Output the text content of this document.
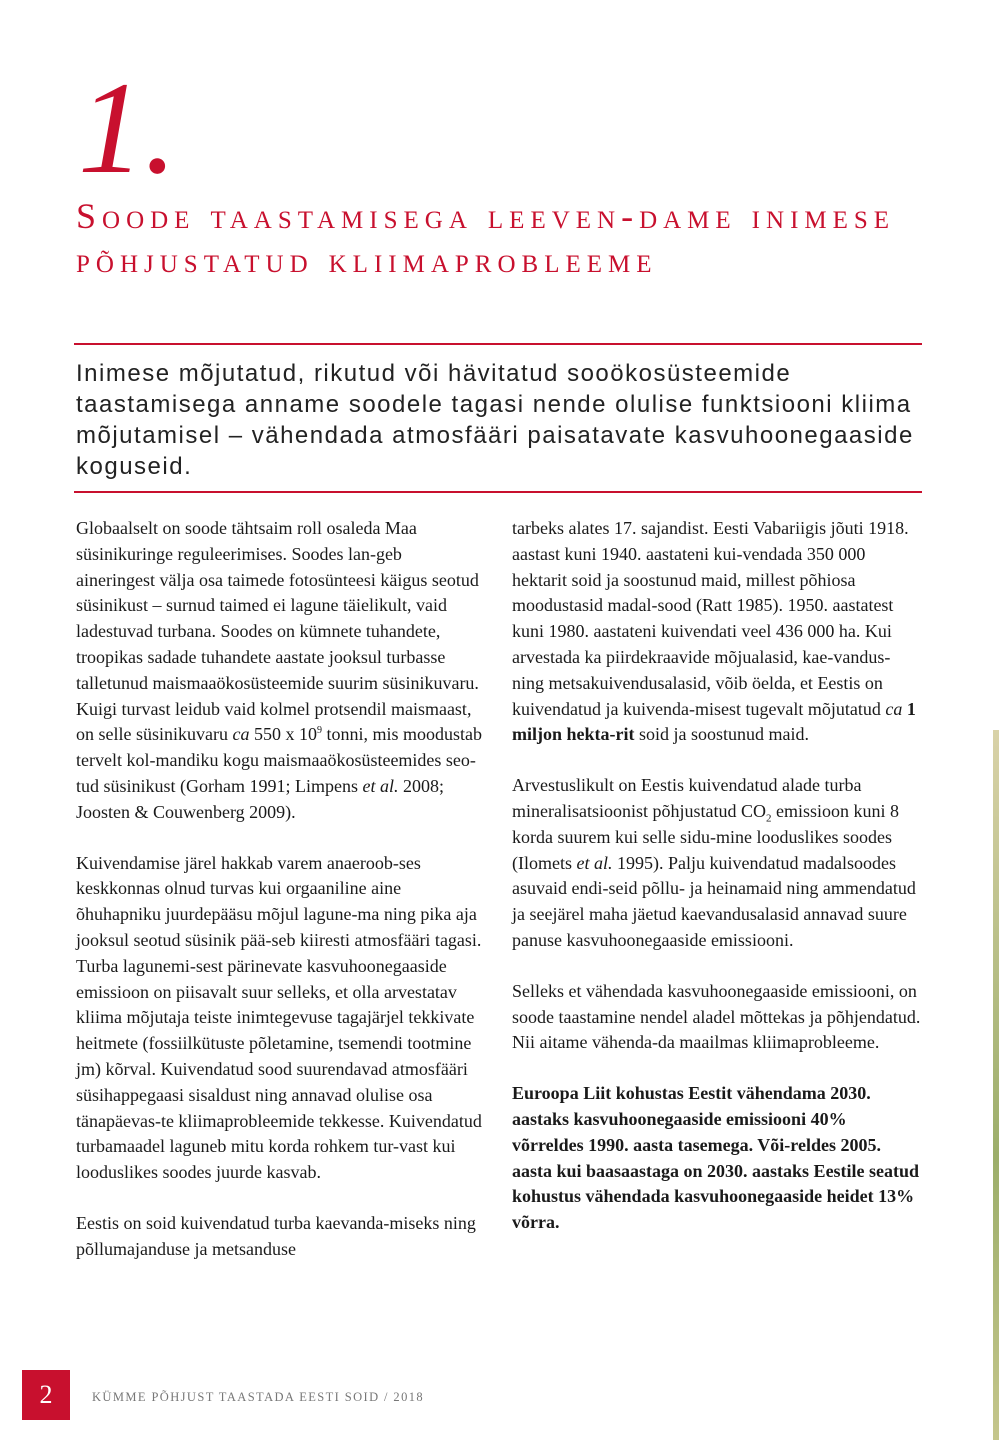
1.
Soode taastamisega leeven-dame inimese põhjustatud kliimaprobleeme

Inimese mõjutatud, rikutud või hävitatud sooökosüsteemide taastamisega anname soodele tagasi nende olulise funktsiooni kliima mõjutamisel – vähendada atmosfääri paisatavate kasvuhoonegaaside koguseid.

Globaalselt on soode tähtsaim roll osaleda Maa süsinikuringe reguleerimises. Soodes lan-geb aineringest välja osa taimede fotosünteesi käigus seotud süsinikust – surnud taimed ei lagune täielikult, vaid ladestuvad turbana. Soodes on kümnete tuhandete, troopikas sadade tuhandete aastate jooksul turbasse talletunud maismaaökosüsteemide suurim süsinikuvaru. Kuigi turvast leidub vaid kolmel protsendil maismaast, on selle süsinikuvaru ca 550 x $10^9$ tonni, mis moodustab tervelt kol-mandiku kogu maismaaökosüsteemides seo-tud süsinikust (Gorham 1991; Limpens et al. 2008; Joosten & Couwenberg 2009).

Kuivendamise järel hakkab varem anaeroob-ses keskkonnas olnud turvas kui orgaaniline aine õhuhapniku juurdepääsu mõjul lagune-ma ning pika aja jooksul seotud süsinik pää-seb kiiresti atmosfääri tagasi. Turba lagunemi-sest pärinevate kasvuhoonegaaside emissioon on piisavalt suur selleks, et olla arvestatav kliima mõjutaja teiste inimtegevuse tagajärjel tekkivate heitmete (fossiilkütuste põletamine, tsemendi tootmine jm) kõrval. Kuivendatud sood suurendavad atmosfääri süsihappegaasi sisaldust ning annavad olulise osa tänapäevas-te kliimaprobleemide tekkesse. Kuivendatud turbamaadel laguneb mitu korda rohkem tur-vast kui looduslikes soodes juurde kasvab.

Eestis on soid kuivendatud turba kaevanda-miseks ning põllumajanduse ja metsanduse

tarbeks alates 17. sajandist. Eesti Vabariigis jõuti 1918. aastast kuni 1940. aastateni kui-vendada 350 000 hektarit soid ja soostunud maid, millest põhiosa moodustasid madal-sood (Ratt 1985). 1950. aastatest kuni 1980. aastateni kuivendati veel 436 000 ha. Kui arvestada ka piirdekraavide mõjualasid, kae-vandus- ning metsakuivendusalasid, võib öelda, et Eestis on kuivendatud ja kuivenda-misest tugevalt mõjutatud ca 1 miljon hekta-rit soid ja soostunud maid.

Arvestuslikult on Eestis kuivendatud alade turba mineralisatsioonist põhjustatud $CO_2$ emissioon kuni 8 korda suurem kui selle sidu-mine looduslikes soodes (Ilomets et al. 1995). Palju kuivendatud madalsoodes asuvaid endi-seid põllu- ja heinamaid ning ammendatud ja seejärel maha jäetud kaevandusalasid annavad suure panuse kasvuhoonegaaside emissiooni.

Selleks et vähendada kasvuhoonegaaside emissiooni, on soode taastamine nendel aladel mõttekas ja põhjendatud. Nii aitame vähenda-da maailmas kliimaprobleeme.

Euroopa Liit kohustas Eestit vähendama 2030. aastaks kasvuhoonegaaside emissiooni 40% võrreldes 1990. aasta tasemega. Või-reldes 2005. aasta kui baasaastaga on 2030. aastaks Eestile seatud kohustus vähendada kasvuhoonegaaside heidet 13% võrra.

2	KÜMME PÕHJUST TAASTADA EESTI SOID / 2018
